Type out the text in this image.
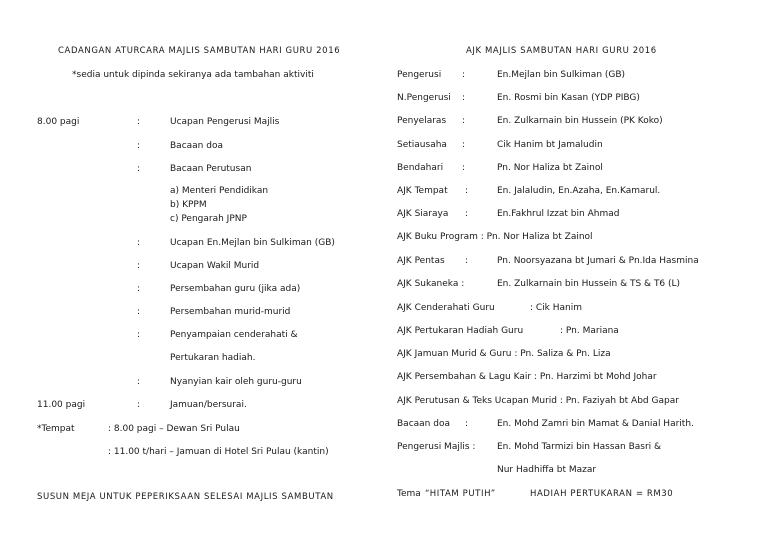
CADANGAN ATURCARA MAJLIS SAMBUTAN HARI GURU 2016
*sedia untuk dipinda sekiranya ada tambahan aktiviti
8.00 pagi	:	Ucapan Pengerusi Majlis
:	Bacaan doa
:	Bacaan Perutusan
a) Menteri Pendidikan
b) KPPM
c) Pengarah JPNP
:	Ucapan En.Mejlan bin Sulkiman (GB)
:	Ucapan Wakil Murid
:	Persembahan guru (jika ada)
:	Persembahan murid-murid
:	Penyampaian cenderahati &
Pertukaran hadiah.
:	Nyanyian kair oleh guru-guru
11.00 pagi	:	Jamuan/bersurai.
*Tempat	: 8.00 pagi – Dewan Sri Pulau
: 11.00 t/hari – Jamuan di Hotel Sri Pulau (kantin)
SUSUN MEJA UNTUK PEPERIKSAAN SELESAI MAJLIS SAMBUTAN
AJK MAJLIS SAMBUTAN HARI GURU 2016
Pengerusi :	En.Mejlan bin Sulkiman (GB)
N.Pengerusi :	En. Rosmi bin Kasan (YDP PIBG)
Penyelaras :	En. Zulkarnain bin Hussein (PK Koko)
Setiausaha :	Cik Hanim bt Jamaludin
Bendahari :	Pn. Nor Haliza bt Zainol
AJK Tempat :	En. Jalaludin, En.Azaha, En.Kamarul.
AJK Siaraya :	En.Fakhrul Izzat bin Ahmad
AJK Buku Program : Pn. Nor Haliza bt Zainol
AJK Pentas :	Pn. Noorsyazana bt Jumari & Pn.Ida Hasmina
AJK Sukaneka :	En. Zulkarnain bin Hussein & TS & T6 (L)
AJK Cenderahati Guru	: Cik Hanim
AJK Pertukaran Hadiah Guru	: Pn. Mariana
AJK Jamuan Murid & Guru : Pn. Saliza & Pn. Liza
AJK Persembahan & Lagu Kair : Pn. Harzimi bt Mohd Johar
AJK Perutusan & Teks Ucapan Murid : Pn. Faziyah bt Abd Gapar
Bacaan doa :	En. Mohd Zamri bin Mamat & Danial Harith.
Pengerusi Majlis : En. Mohd Tarmizi bin Hassan Basri &
Nur Hadhiffa bt Mazar
Tema “HITAM PUTIH”	HADIAH PERTUKARAN = RM30
